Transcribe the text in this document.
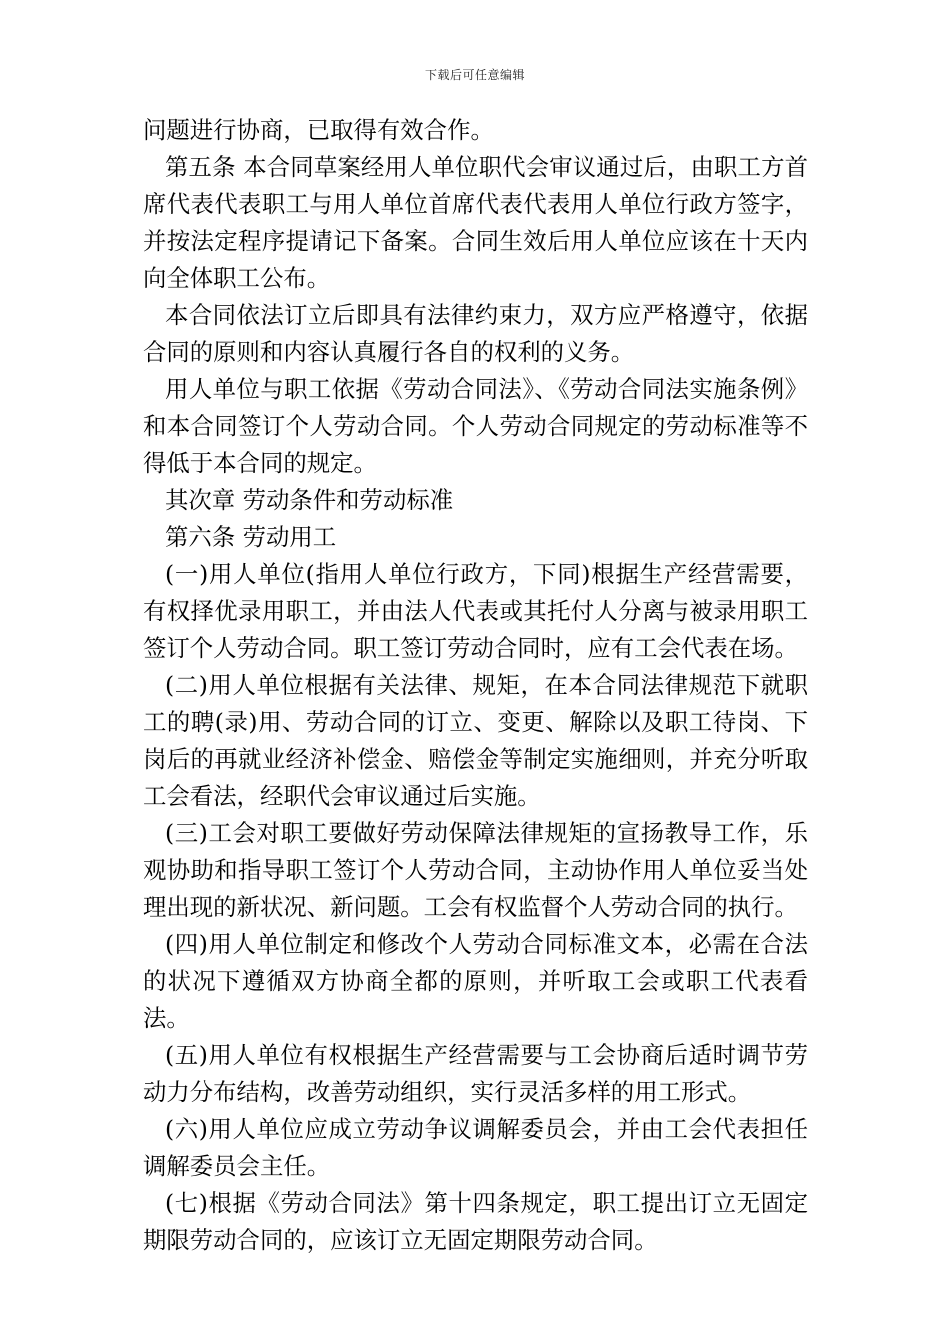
下载后可任意编辑

问题进行协商，已取得有效合作。

第五条 本合同草案经用人单位职代会审议通过后，由职工方首席代表代表职工与用人单位首席代表代表用人单位行政方签字，并按法定程序提请记下备案。合同生效后用人单位应该在十天内向全体职工公布。

本合同依法订立后即具有法律约束力，双方应严格遵守，依据合同的原则和内容认真履行各自的权利的义务。

用人单位与职工依据《劳动合同法》、《劳动合同法实施条例》和本合同签订个人劳动合同。个人劳动合同规定的劳动标准等不得低于本合同的规定。

其次章 劳动条件和劳动标准

第六条 劳动用工

(一)用人单位(指用人单位行政方，下同)根据生产经营需要，有权择优录用职工，并由法人代表或其托付人分离与被录用职工签订个人劳动合同。职工签订劳动合同时，应有工会代表在场。

(二)用人单位根据有关法律、规矩，在本合同法律规范下就职工的聘(录)用、劳动合同的订立、变更、解除以及职工待岗、下岗后的再就业经济补偿金、赔偿金等制定实施细则，并充分听取工会看法，经职代会审议通过后实施。

(三)工会对职工要做好劳动保障法律规矩的宣扬教导工作，乐观协助和指导职工签订个人劳动合同，主动协作用人单位妥当处理出现的新状况、新问题。工会有权监督个人劳动合同的执行。

(四)用人单位制定和修改个人劳动合同标准文本，必需在合法的状况下遵循双方协商全都的原则，并听取工会或职工代表看法。

(五)用人单位有权根据生产经营需要与工会协商后适时调节劳动力分布结构，改善劳动组织，实行灵活多样的用工形式。

(六)用人单位应成立劳动争议调解委员会，并由工会代表担任调解委员会主任。

(七)根据《劳动合同法》第十四条规定，职工提出订立无固定期限劳动合同的，应该订立无固定期限劳动合同。
